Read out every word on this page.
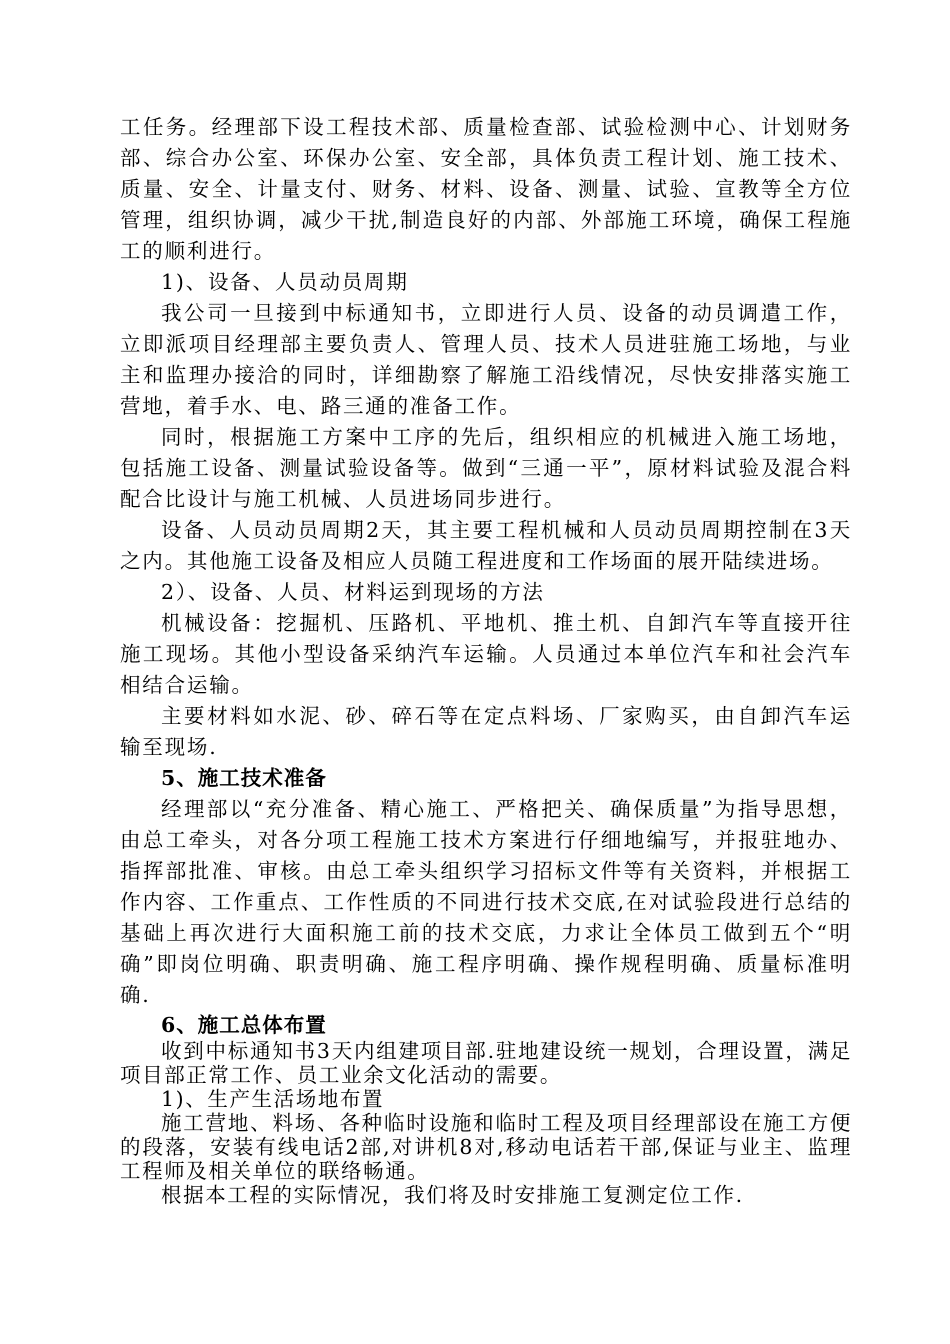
工任务。经理部下设工程技术部、质量检查部、试验检测中心、计划财务部、综合办公室、环保办公室、安全部，具体负责工程计划、施工技术、质量、安全、计量支付、财务、材料、设备、测量、试验、宣教等全方位管理，组织协调，减少干扰,制造良好的内部、外部施工环境，确保工程施工的顺利进行。

1)、设备、人员动员周期

我公司一旦接到中标通知书，立即进行人员、设备的动员调遣工作，立即派项目经理部主要负责人、管理人员、技术人员进驻施工场地，与业主和监理办接洽的同时，详细勘察了解施工沿线情况，尽快安排落实施工营地，着手水、电、路三通的准备工作。

同时，根据施工方案中工序的先后，组织相应的机械进入施工场地，包括施工设备、测量试验设备等。做到“三通一平”，原材料试验及混合料配合比设计与施工机械、人员进场同步进行。

设备、人员动员周期2天，其主要工程机械和人员动员周期控制在3天之内。其他施工设备及相应人员随工程进度和工作场面的展开陆续进场。

2）、设备、人员、材料运到现场的方法

机械设备：挖掘机、压路机、平地机、推土机、自卸汽车等直接开往施工现场。其他小型设备采纳汽车运输。人员通过本单位汽车和社会汽车相结合运输。

主要材料如水泥、砂、碎石等在定点料场、厂家购买，由自卸汽车运输至现场.

5、施工技术准备

经理部以“充分准备、精心施工、严格把关、确保质量”为指导思想，由总工牵头，对各分项工程施工技术方案进行仔细地编写，并报驻地办、指挥部批准、审核。由总工牵头组织学习招标文件等有关资料，并根据工作内容、工作重点、工作性质的不同进行技术交底,在对试验段进行总结的基础上再次进行大面积施工前的技术交底，力求让全体员工做到五个“明确”即岗位明确、职责明确、施工程序明确、操作规程明确、质量标准明确.

6、施工总体布置

收到中标通知书3天内组建项目部.驻地建设统一规划，合理设置，满足项目部正常工作、员工业余文化活动的需要。

1)、生产生活场地布置

施工营地、料场、各种临时设施和临时工程及项目经理部设在施工方便的段落，安装有线电话2部,对讲机8对,移动电话若干部,保证与业主、监理工程师及相关单位的联络畅通。

根据本工程的实际情况，我们将及时安排施工复测定位工作.
